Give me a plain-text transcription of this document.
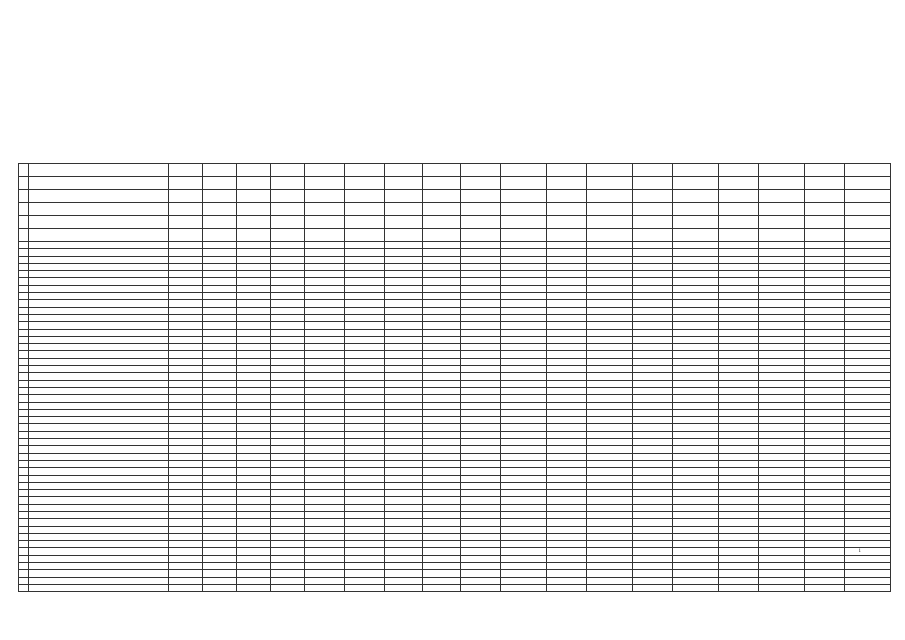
1
